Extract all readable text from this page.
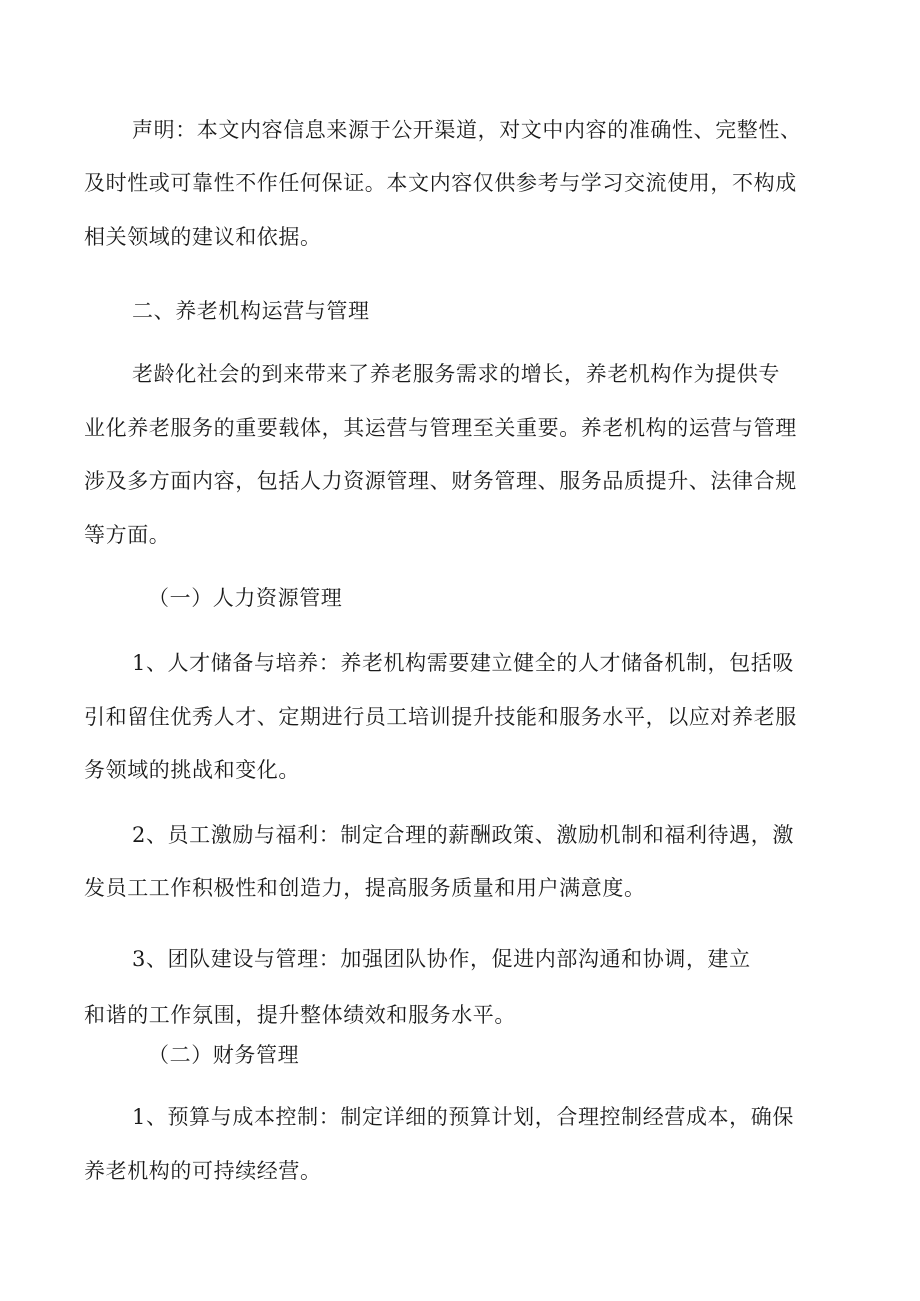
声明：本文内容信息来源于公开渠道，对文中内容的准确性、完整性、
及时性或可靠性不作任何保证。本文内容仅供参考与学习交流使用，不构成
相关领域的建议和依据。
二、养老机构运营与管理
老龄化社会的到来带来了养老服务需求的增长，养老机构作为提供专
业化养老服务的重要载体，其运营与管理至关重要。养老机构的运营与管理
涉及多方面内容，包括人力资源管理、财务管理、服务品质提升、法律合规
等方面。
（一）人力资源管理
1、人才储备与培养：养老机构需要建立健全的人才储备机制，包括吸
引和留住优秀人才、定期进行员工培训提升技能和服务水平，以应对养老服
务领域的挑战和变化。
2、员工激励与福利：制定合理的薪酬政策、激励机制和福利待遇，激
发员工工作积极性和创造力，提高服务质量和用户满意度。
3、团队建设与管理：加强团队协作，促进内部沟通和协调，建立
和谐的工作氛围，提升整体绩效和服务水平。
（二）财务管理
1、预算与成本控制：制定详细的预算计划，合理控制经营成本，确保
养老机构的可持续经营。
